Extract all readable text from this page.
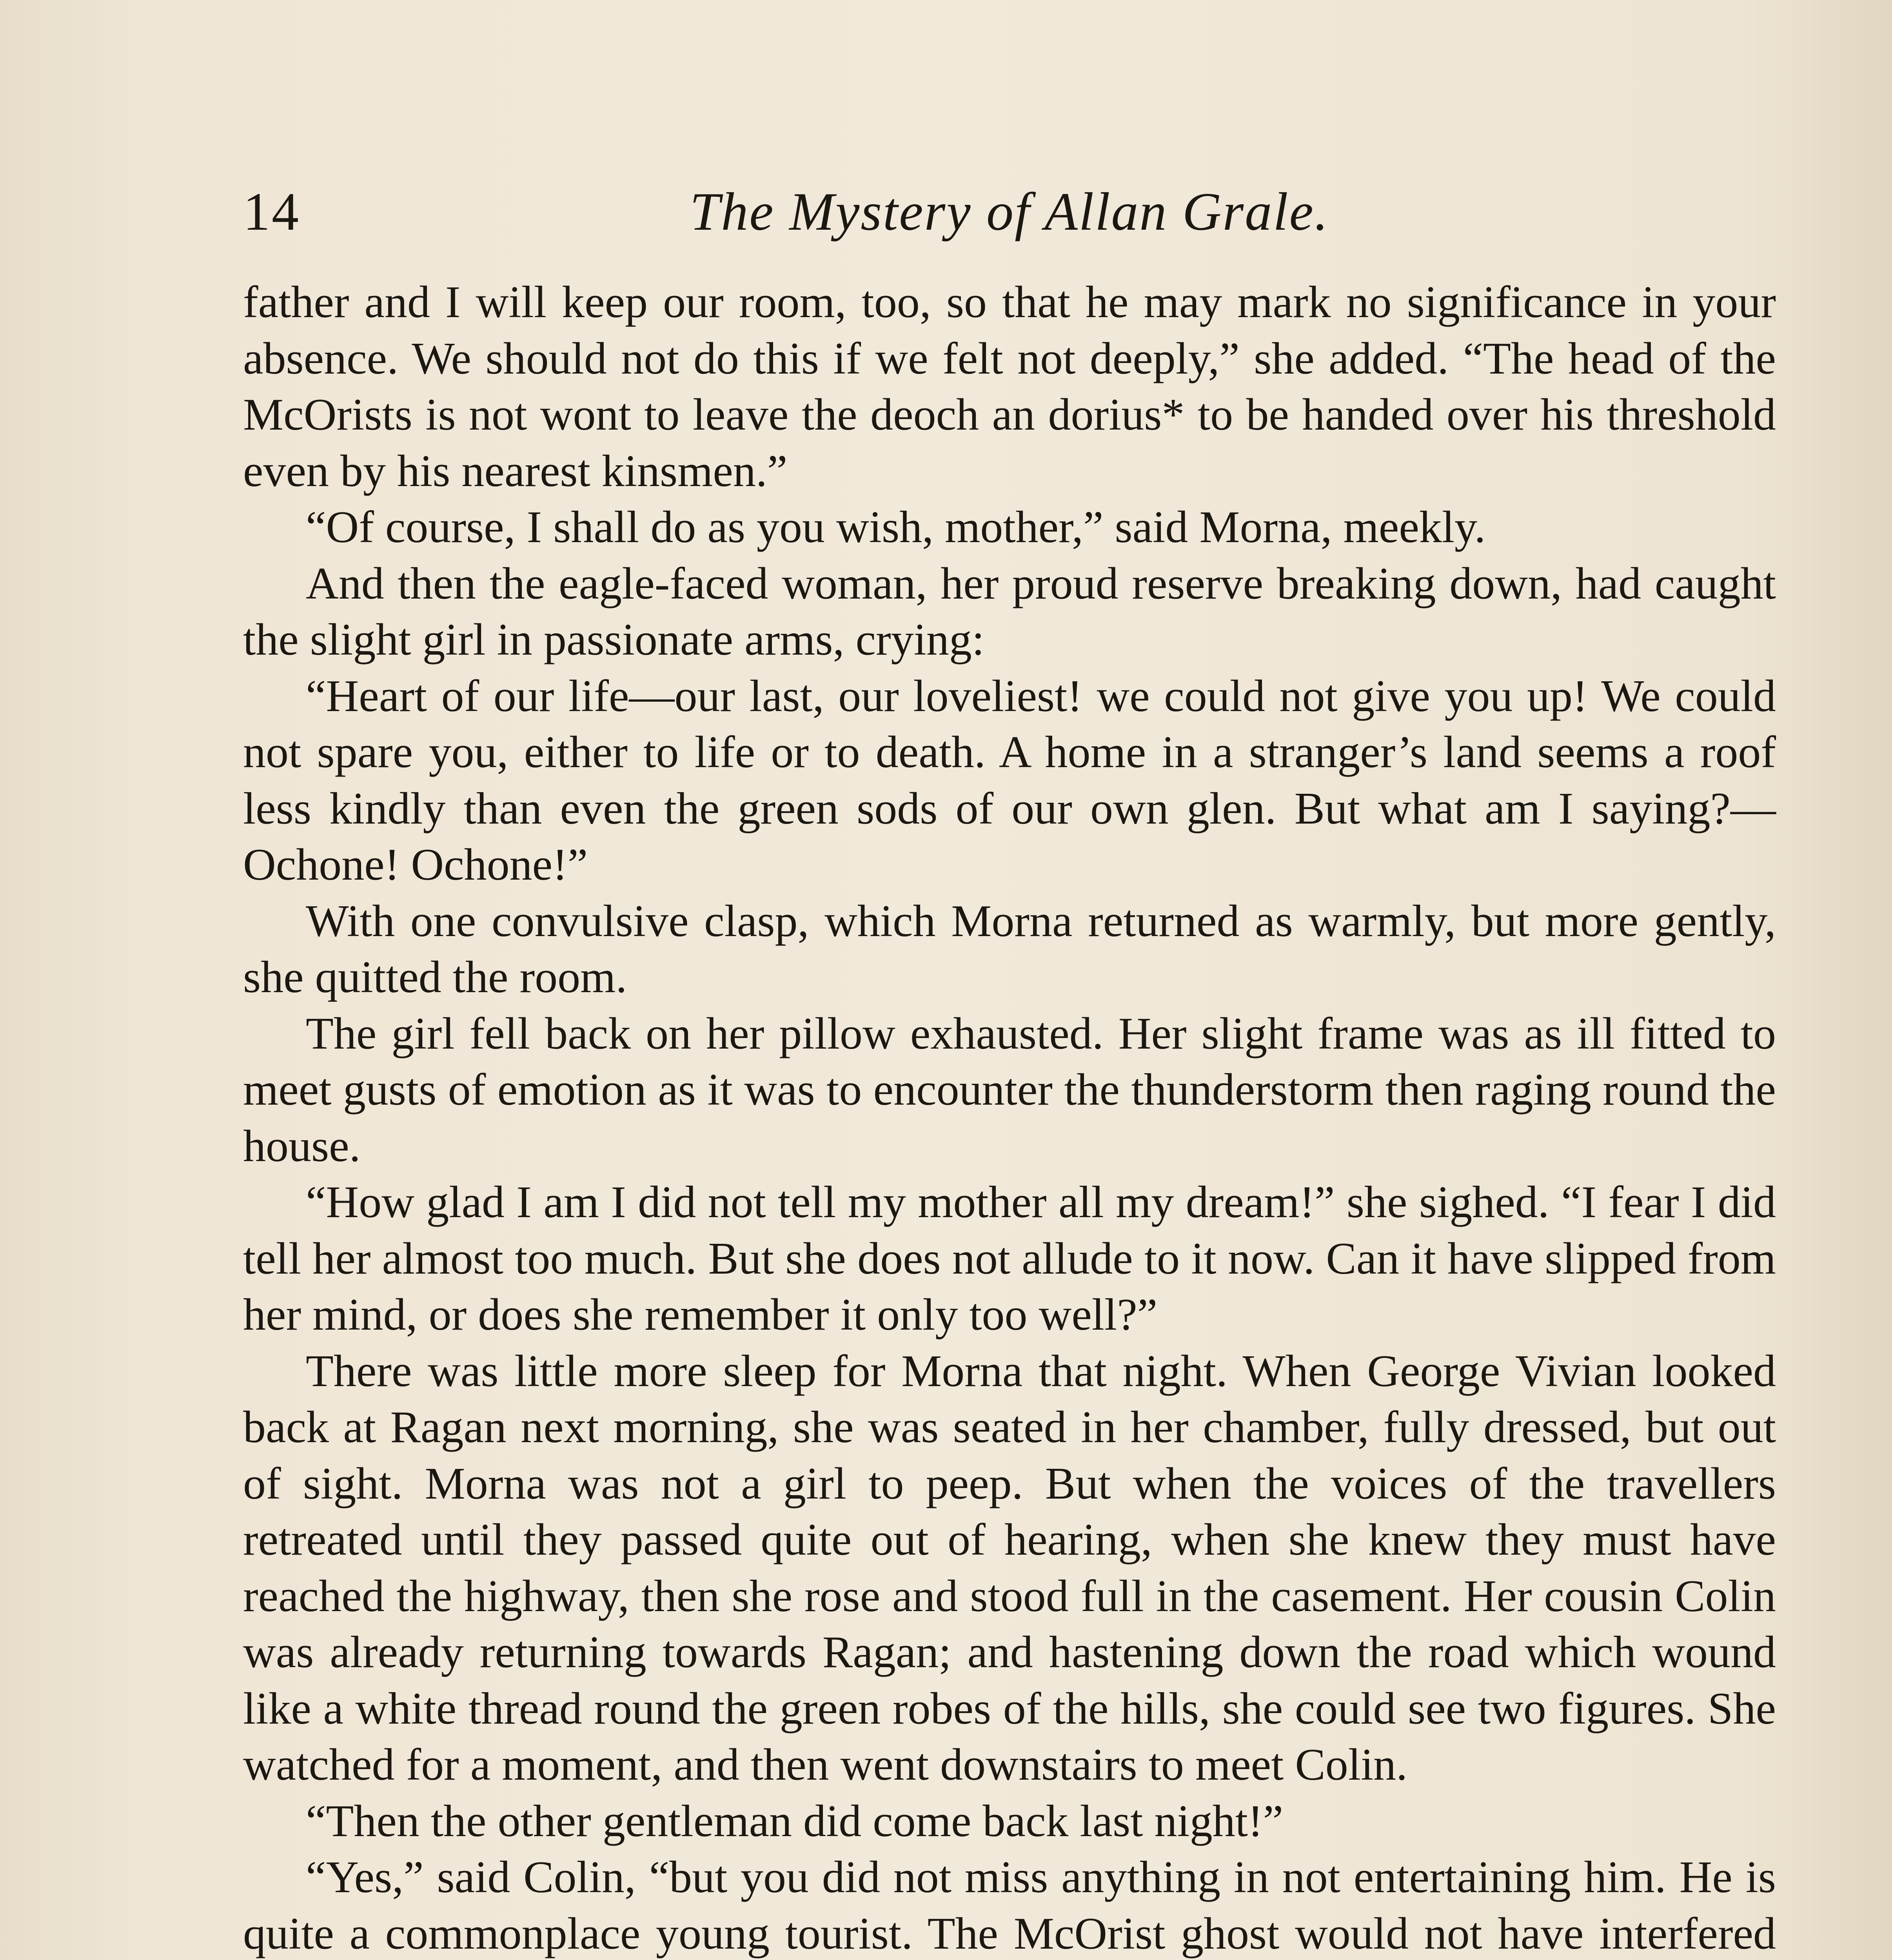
14	The Mystery of Allan Grale.

father and I will keep our room, too, so that he may mark no significance in your absence. We should not do this if we felt not deeply,” she added. “The head of the McOrists is not wont to leave the deoch an dorius* to be handed over his threshold even by his nearest kinsmen.”

“Of course, I shall do as you wish, mother,” said Morna, meekly.

And then the eagle-faced woman, her proud reserve breaking down, had caught the slight girl in passionate arms, crying:

“Heart of our life—our last, our loveliest! we could not give you up! We could not spare you, either to life or to death. A home in a stranger’s land seems a roof less kindly than even the green sods of our own glen. But what am I saying?—Ochone! Ochone!”

With one convulsive clasp, which Morna returned as warmly, but more gently, she quitted the room.

The girl fell back on her pillow exhausted. Her slight frame was as ill fitted to meet gusts of emotion as it was to encounter the thunderstorm then raging round the house.

“How glad I am I did not tell my mother all my dream!” she sighed. “I fear I did tell her almost too much. But she does not allude to it now. Can it have slipped from her mind, or does she remember it only too well?”

There was little more sleep for Morna that night. When George Vivian looked back at Ragan next morning, she was seated in her chamber, fully dressed, but out of sight. Morna was not a girl to peep. But when the voices of the travellers retreated until they passed quite out of hearing, when she knew they must have reached the highway, then she rose and stood full in the casement. Her cousin Colin was already returning towards Ragan; and hastening down the road which wound like a white thread round the green robes of the hills, she could see two figures. She watched for a moment, and then went downstairs to meet Colin.

“Then the other gentleman did come back last night!”

“Yes,” said Colin, “but you did not miss anything in not entertaining him. He is quite a commonplace young tourist. The McOrist ghost would not have interfered
